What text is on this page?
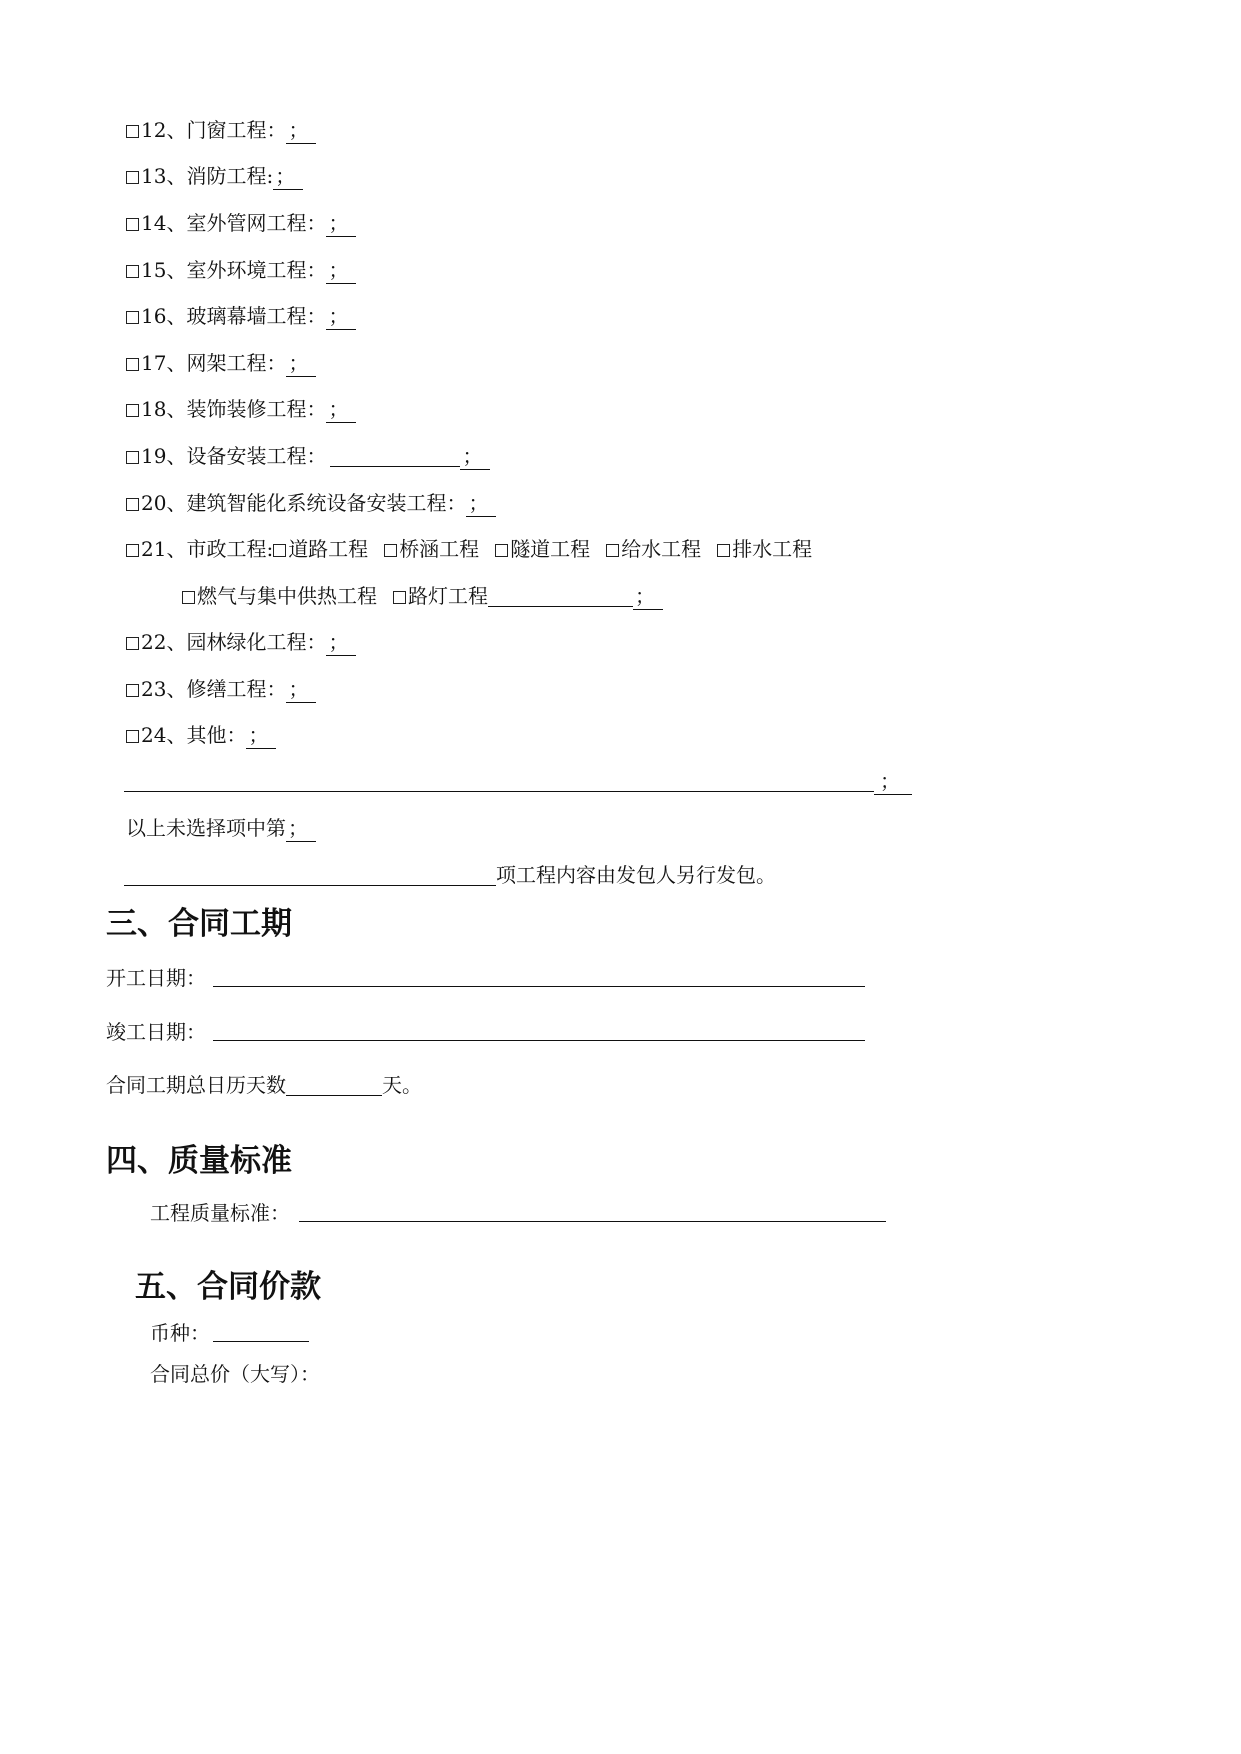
12、门窗工程： ；
13、消防工程: ；
14、室外管网工程： ；
15、室外环境工程： ；
16、玻璃幕墙工程： ；
17、网架工程： ；
18、装饰装修工程： ；
19、设备安装工程：	；
20、建筑智能化系统设备安装工程： ；
21、市政工程: 道路工程 桥涵工程 隧道工程 给水工程 排水工程
燃气与集中供热工程 路灯工程	；
22、园林绿化工程： ；
23、修缮工程： ；
24、其他： ；
；
以上未选择项中第 ；
项工程内容由发包人另行发包。
三、合同工期
开工日期：
竣工日期：
合同工期总日历天数	天。
四、质量标准
工程质量标准：
五、合同价款
币种：
合同总价（大写）：
